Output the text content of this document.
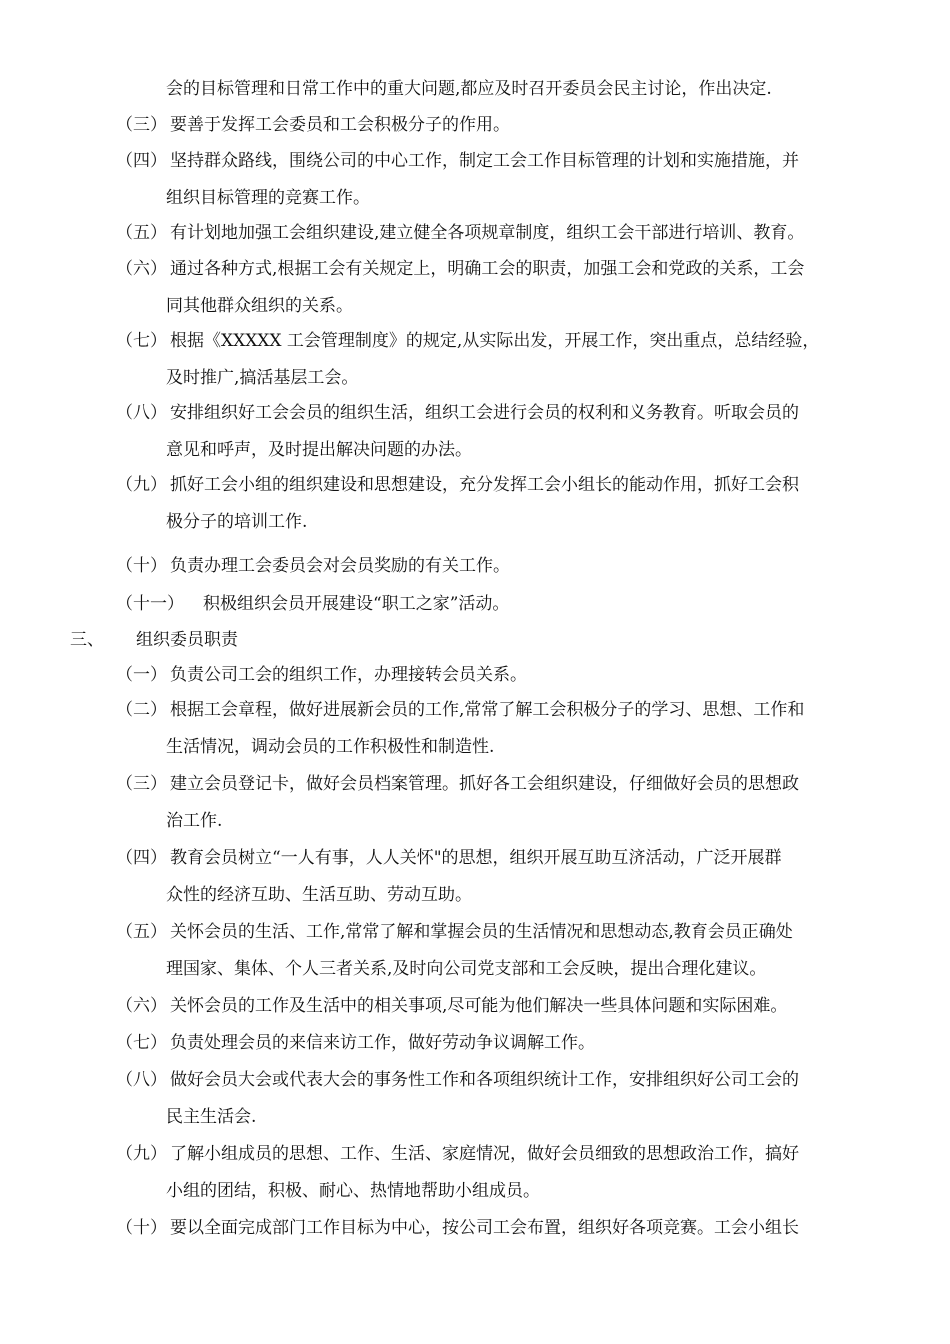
会的目标管理和日常工作中的重大问题,都应及时召开委员会民主讨论，作出决定.
（三） 要善于发挥工会委员和工会积极分子的作用。
（四） 坚持群众路线，围绕公司的中心工作，制定工会工作目标管理的计划和实施措施，并
组织目标管理的竞赛工作。
（五） 有计划地加强工会组织建设,建立健全各项规章制度，组织工会干部进行培训、教育。
（六） 通过各种方式,根据工会有关规定上，明确工会的职责，加强工会和党政的关系，工会
同其他群众组织的关系。
（七） 根据《XXXXX 工会管理制度》的规定,从实际出发，开展工作，突出重点，总结经验，
及时推广,搞活基层工会。
（八） 安排组织好工会会员的组织生活，组织工会进行会员的权利和义务教育。听取会员的
意见和呼声，及时提出解决问题的办法。
（九） 抓好工会小组的组织建设和思想建设，充分发挥工会小组长的能动作用，抓好工会积
极分子的培训工作.
（十） 负责办理工会委员会对会员奖励的有关工作。
（十一） 积极组织会员开展建设“职工之家”活动。
三、 组织委员职责
（一） 负责公司工会的组织工作，办理接转会员关系。
（二） 根据工会章程，做好进展新会员的工作,常常了解工会积极分子的学习、思想、工作和
生活情况，调动会员的工作积极性和制造性.
（三） 建立会员登记卡，做好会员档案管理。抓好各工会组织建设，仔细做好会员的思想政
治工作.
（四） 教育会员树立“一人有事，人人关怀"的思想，组织开展互助互济活动，广泛开展群
众性的经济互助、生活互助、劳动互助。
（五） 关怀会员的生活、工作,常常了解和掌握会员的生活情况和思想动态,教育会员正确处
理国家、集体、个人三者关系,及时向公司党支部和工会反映，提出合理化建议。
（六） 关怀会员的工作及生活中的相关事项,尽可能为他们解决一些具体问题和实际困难。
（七） 负责处理会员的来信来访工作，做好劳动争议调解工作。
（八） 做好会员大会或代表大会的事务性工作和各项组织统计工作，安排组织好公司工会的
民主生活会.
（九） 了解小组成员的思想、工作、生活、家庭情况，做好会员细致的思想政治工作，搞好
小组的团结，积极、耐心、热情地帮助小组成员。
（十） 要以全面完成部门工作目标为中心，按公司工会布置，组织好各项竞赛。工会小组长
